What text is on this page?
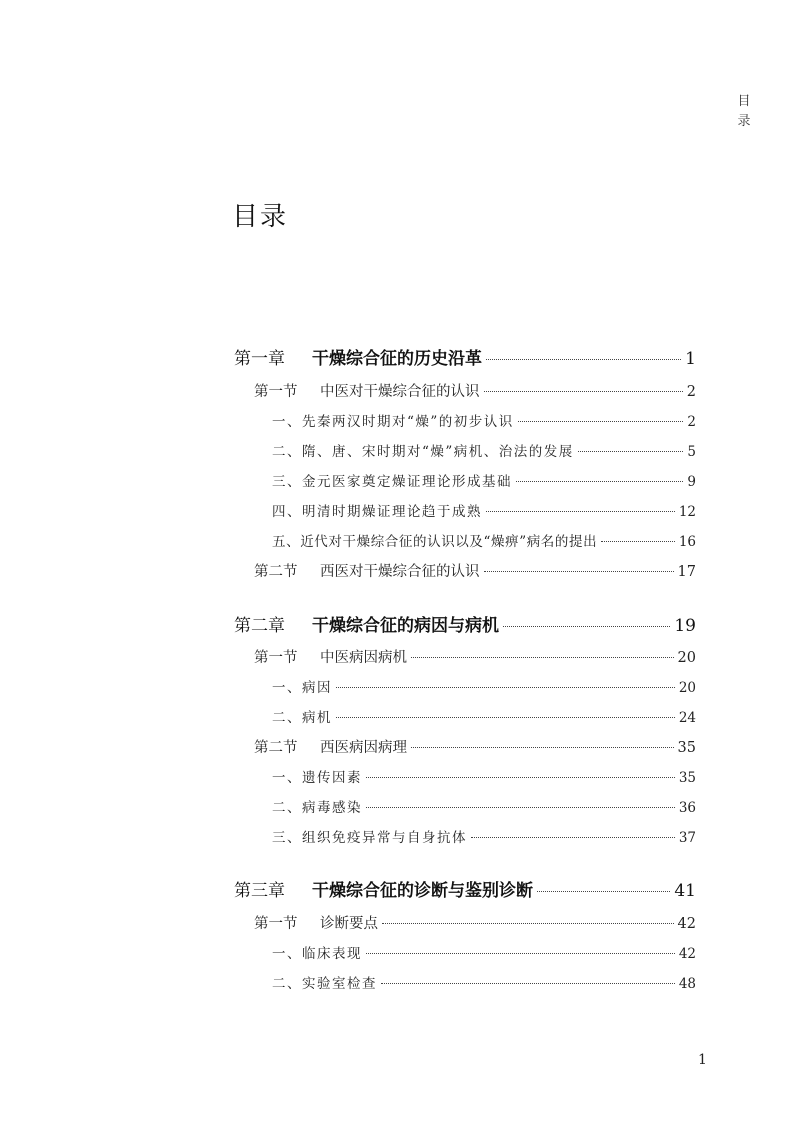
目
录
目录
第一章	干燥综合征的历史沿革	1
第一节	中医对干燥综合征的认识	2
一、先秦两汉时期对“燥”的初步认识	2
二、隋、唐、宋时期对“燥”病机、治法的发展	5
三、金元医家奠定燥证理论形成基础	9
四、明清时期燥证理论趋于成熟	12
五、近代对干燥综合征的认识以及“燥痹”病名的提出	16
第二节	西医对干燥综合征的认识	17
第二章	干燥综合征的病因与病机	19
第一节	中医病因病机	20
一、病因	20
二、病机	24
第二节	西医病因病理	35
一、遗传因素	35
二、病毒感染	36
三、组织免疫异常与自身抗体	37
第三章	干燥综合征的诊断与鉴别诊断	41
第一节	诊断要点	42
一、临床表现	42
二、实验室检查	48
1
